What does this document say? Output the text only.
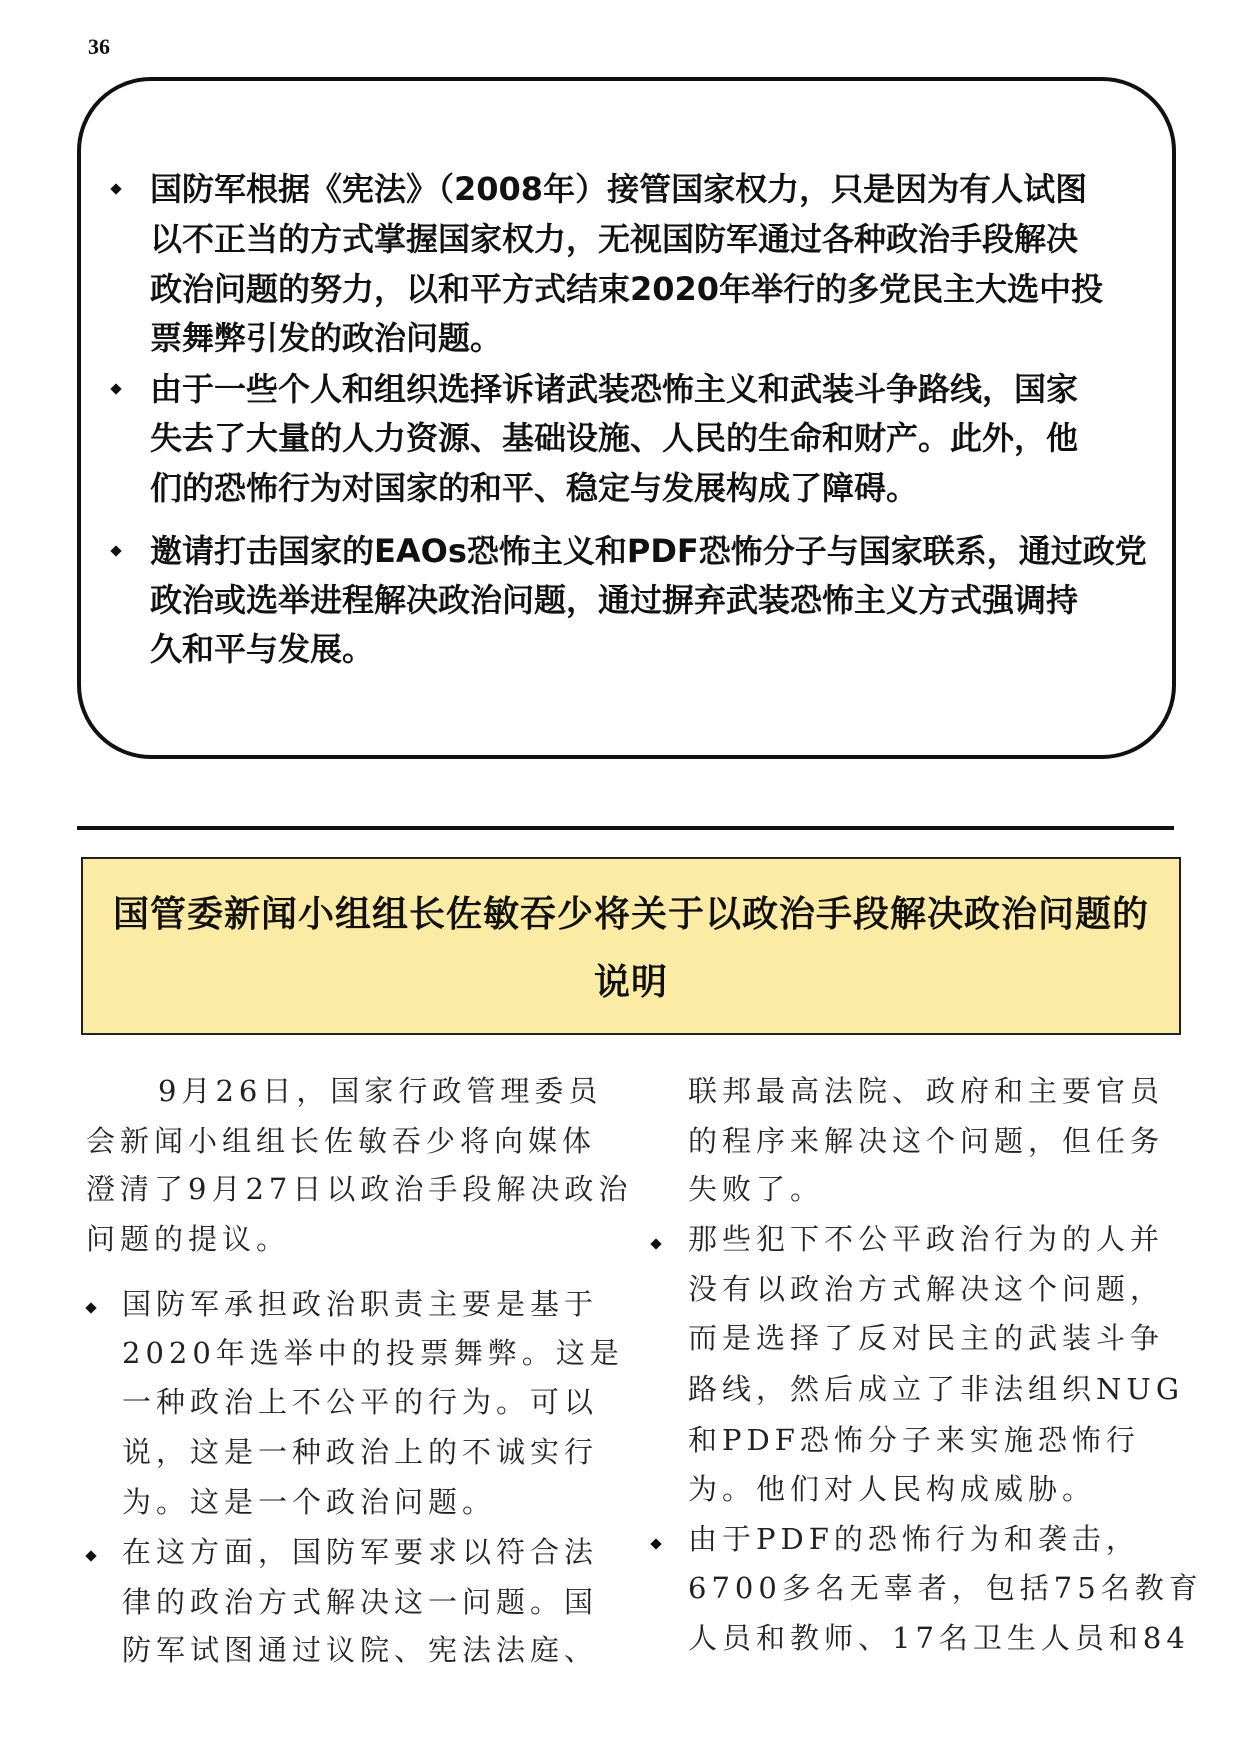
36
国防军根据《宪法》（2008年）接管国家权力，只是因为有人试图
以不正当的方式掌握国家权力，无视国防军通过各种政治手段解决
政治问题的努力，以和平方式结束2020年举行的多党民主大选中投
票舞弊引发的政治问题。
由于一些个人和组织选择诉诸武装恐怖主义和武装斗争路线，国家
失去了大量的人力资源、基础设施、人民的生命和财产。此外，他
们的恐怖行为对国家的和平、稳定与发展构成了障碍。
邀请打击国家的EAOs恐怖主义和PDF恐怖分子与国家联系，通过政党
政治或选举进程解决政治问题，通过摒弃武装恐怖主义方式强调持
久和平与发展。
国管委新闻小组组长佐敏吞少将关于以政治手段解决政治问题的
说明
9月26日，国家行政管理委员
会新闻小组组长佐敏吞少将向媒体
澄清了9月27日以政治手段解决政治
问题的提议。
国防军承担政治职责主要是基于
2020年选举中的投票舞弊。这是
一种政治上不公平的行为。可以
说，这是一种政治上的不诚实行
为。这是一个政治问题。
在这方面，国防军要求以符合法
律的政治方式解决这一问题。国
防军试图通过议院、宪法法庭、
联邦最高法院、政府和主要官员
的程序来解决这个问题，但任务
失败了。
那些犯下不公平政治行为的人并
没有以政治方式解决这个问题，
而是选择了反对民主的武装斗争
路线，然后成立了非法组织NUG
和PDF恐怖分子来实施恐怖行
为。他们对人民构成威胁。
由于PDF的恐怖行为和袭击，
6700多名无辜者，包括75名教育
人员和教师、17名卫生人员和84
